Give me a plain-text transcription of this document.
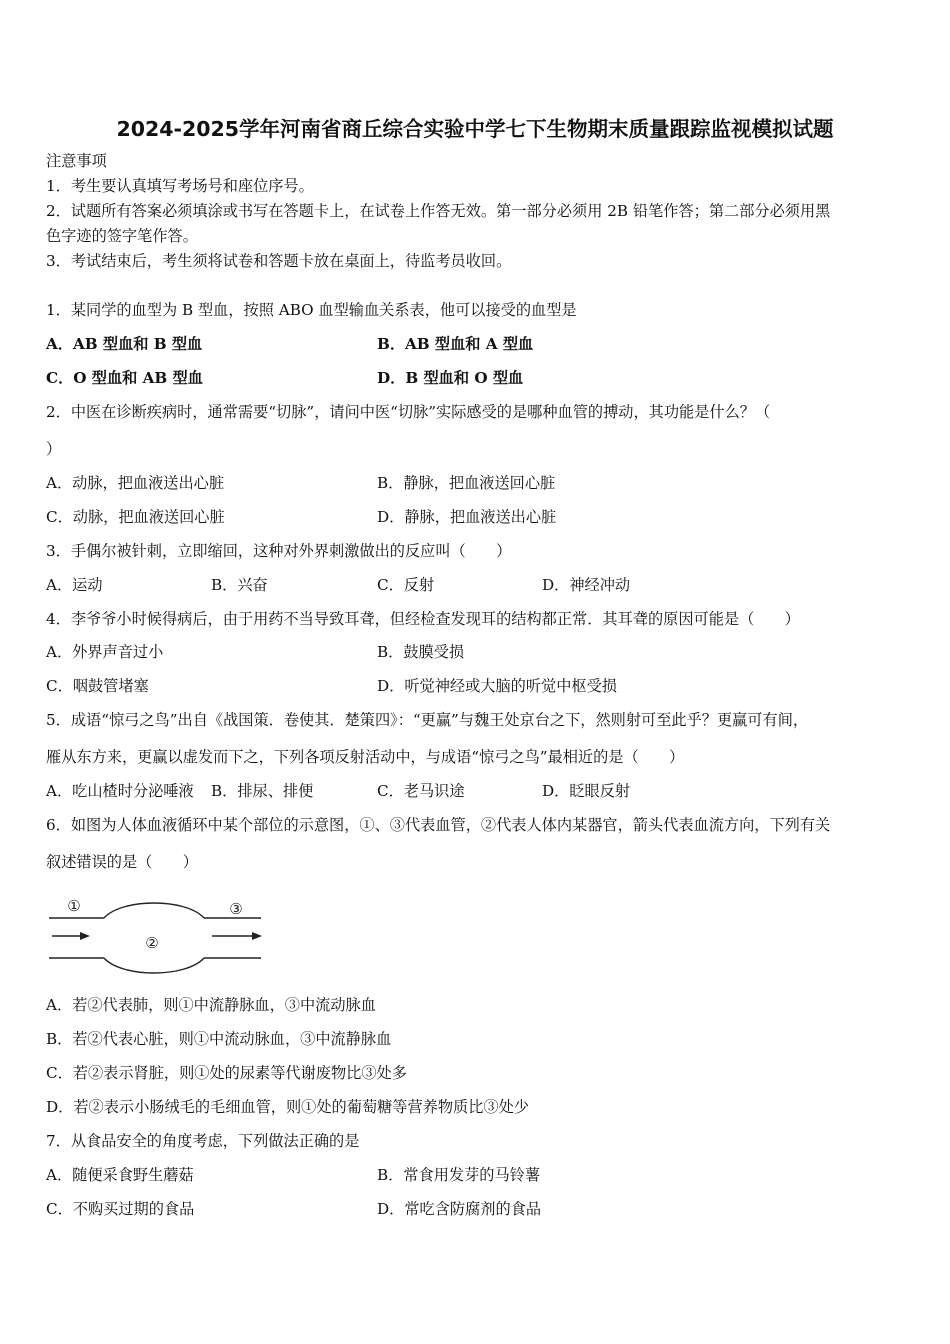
2024-2025学年河南省商丘综合实验中学七下生物期末质量跟踪监视模拟试题
注意事项
1．考生要认真填写考场号和座位序号。
2．试题所有答案必须填涂或书写在答题卡上，在试卷上作答无效。第一部分必须用 2B 铅笔作答；第二部分必须用黑
色字迹的签字笔作答。
3．考试结束后，考生须将试卷和答题卡放在桌面上，待监考员收回。
1．某同学的血型为 B 型血，按照 ABO 血型输血关系表，他可以接受的血型是
A．AB 型血和 B 型血	B．AB 型血和 A 型血
C．O 型血和 AB 型血	D．B 型血和 O 型血
2．中医在诊断疾病时，通常需要“切脉”，请问中医“切脉”实际感受的是哪种血管的搏动，其功能是什么？（
）
A．动脉，把血液送出心脏	B．静脉，把血液送回心脏
C．动脉，把血液送回心脏	D．静脉，把血液送出心脏
3．手偶尔被针刺，立即缩回，这种对外界刺激做出的反应叫（　　）
A．运动	B．兴奋	C．反射	D．神经冲动
4．李爷爷小时候得病后，由于用药不当导致耳聋，但经检查发现耳的结构都正常．其耳聋的原因可能是（　　）
A．外界声音过小	B．鼓膜受损
C．咽鼓管堵塞	D．听觉神经或大脑的听觉中枢受损
5．成语“惊弓之鸟”出自《战国策．卷使其．楚策四》：“更赢”与魏王处京台之下，然则射可至此乎？更赢可有间，
雁从东方来，更赢以虚发而下之，下列各项反射活动中，与成语“惊弓之鸟”最相近的是（　　）
A．吃山楂时分泌唾液 B．排尿、排便	C．老马识途	D．眨眼反射
6．如图为人体血液循环中某个部位的示意图，①、③代表血管，②代表人体内某器官，箭头代表血流方向，下列有关
叙述错误的是（　　）
①
②
③
A．若②代表肺，则①中流静脉血，③中流动脉血
B．若②代表心脏，则①中流动脉血，③中流静脉血
C．若②表示肾脏，则①处的尿素等代谢废物比③处多
D．若②表示小肠绒毛的毛细血管，则①处的葡萄糖等营养物质比③处少
7．从食品安全的角度考虑，下列做法正确的是
A．随便采食野生蘑菇	B．常食用发芽的马铃薯
C．不购买过期的食品	D．常吃含防腐剂的食品
